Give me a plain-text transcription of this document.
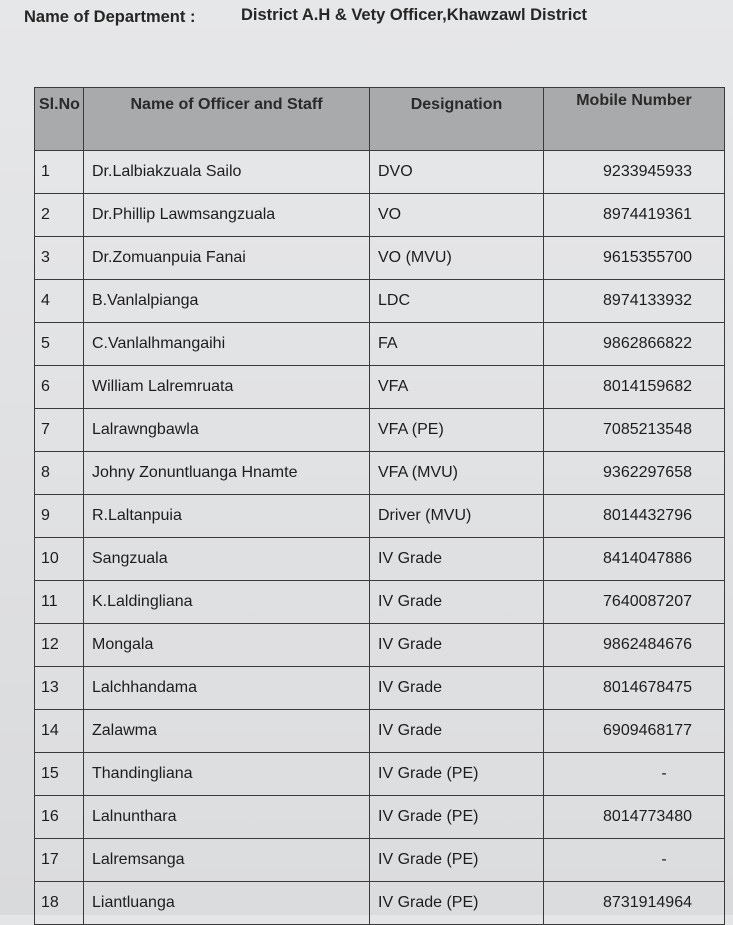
Name of Department :	District A.H & Vety Officer,Khawzawl District
Sl.No	Name of Officer and Staff	Designation	Mobile Number
1	Dr.Lalbiakzuala Sailo	DVO	9233945933
2	Dr.Phillip Lawmsangzuala	VO	8974419361
3	Dr.Zomuanpuia Fanai	VO (MVU)	9615355700
4	B.Vanlalpianga	LDC	8974133932
5	C.Vanlalhmangaihi	FA	9862866822
6	William Lalremruata	VFA	8014159682
7	Lalrawngbawla	VFA (PE)	7085213548
8	Johny Zonuntluanga Hnamte	VFA (MVU)	9362297658
9	R.Laltanpuia	Driver (MVU)	8014432796
10	Sangzuala	IV Grade	8414047886
11	K.Laldingliana	IV Grade	7640087207
12	Mongala	IV Grade	9862484676
13	Lalchhandama	IV Grade	8014678475
14	Zalawma	IV Grade	6909468177
15	Thandingliana	IV Grade (PE)	-
16	Lalnunthara	IV Grade (PE)	8014773480
17	Lalremsanga	IV Grade (PE)	-
18	Liantluanga	IV Grade (PE)	8731914964
